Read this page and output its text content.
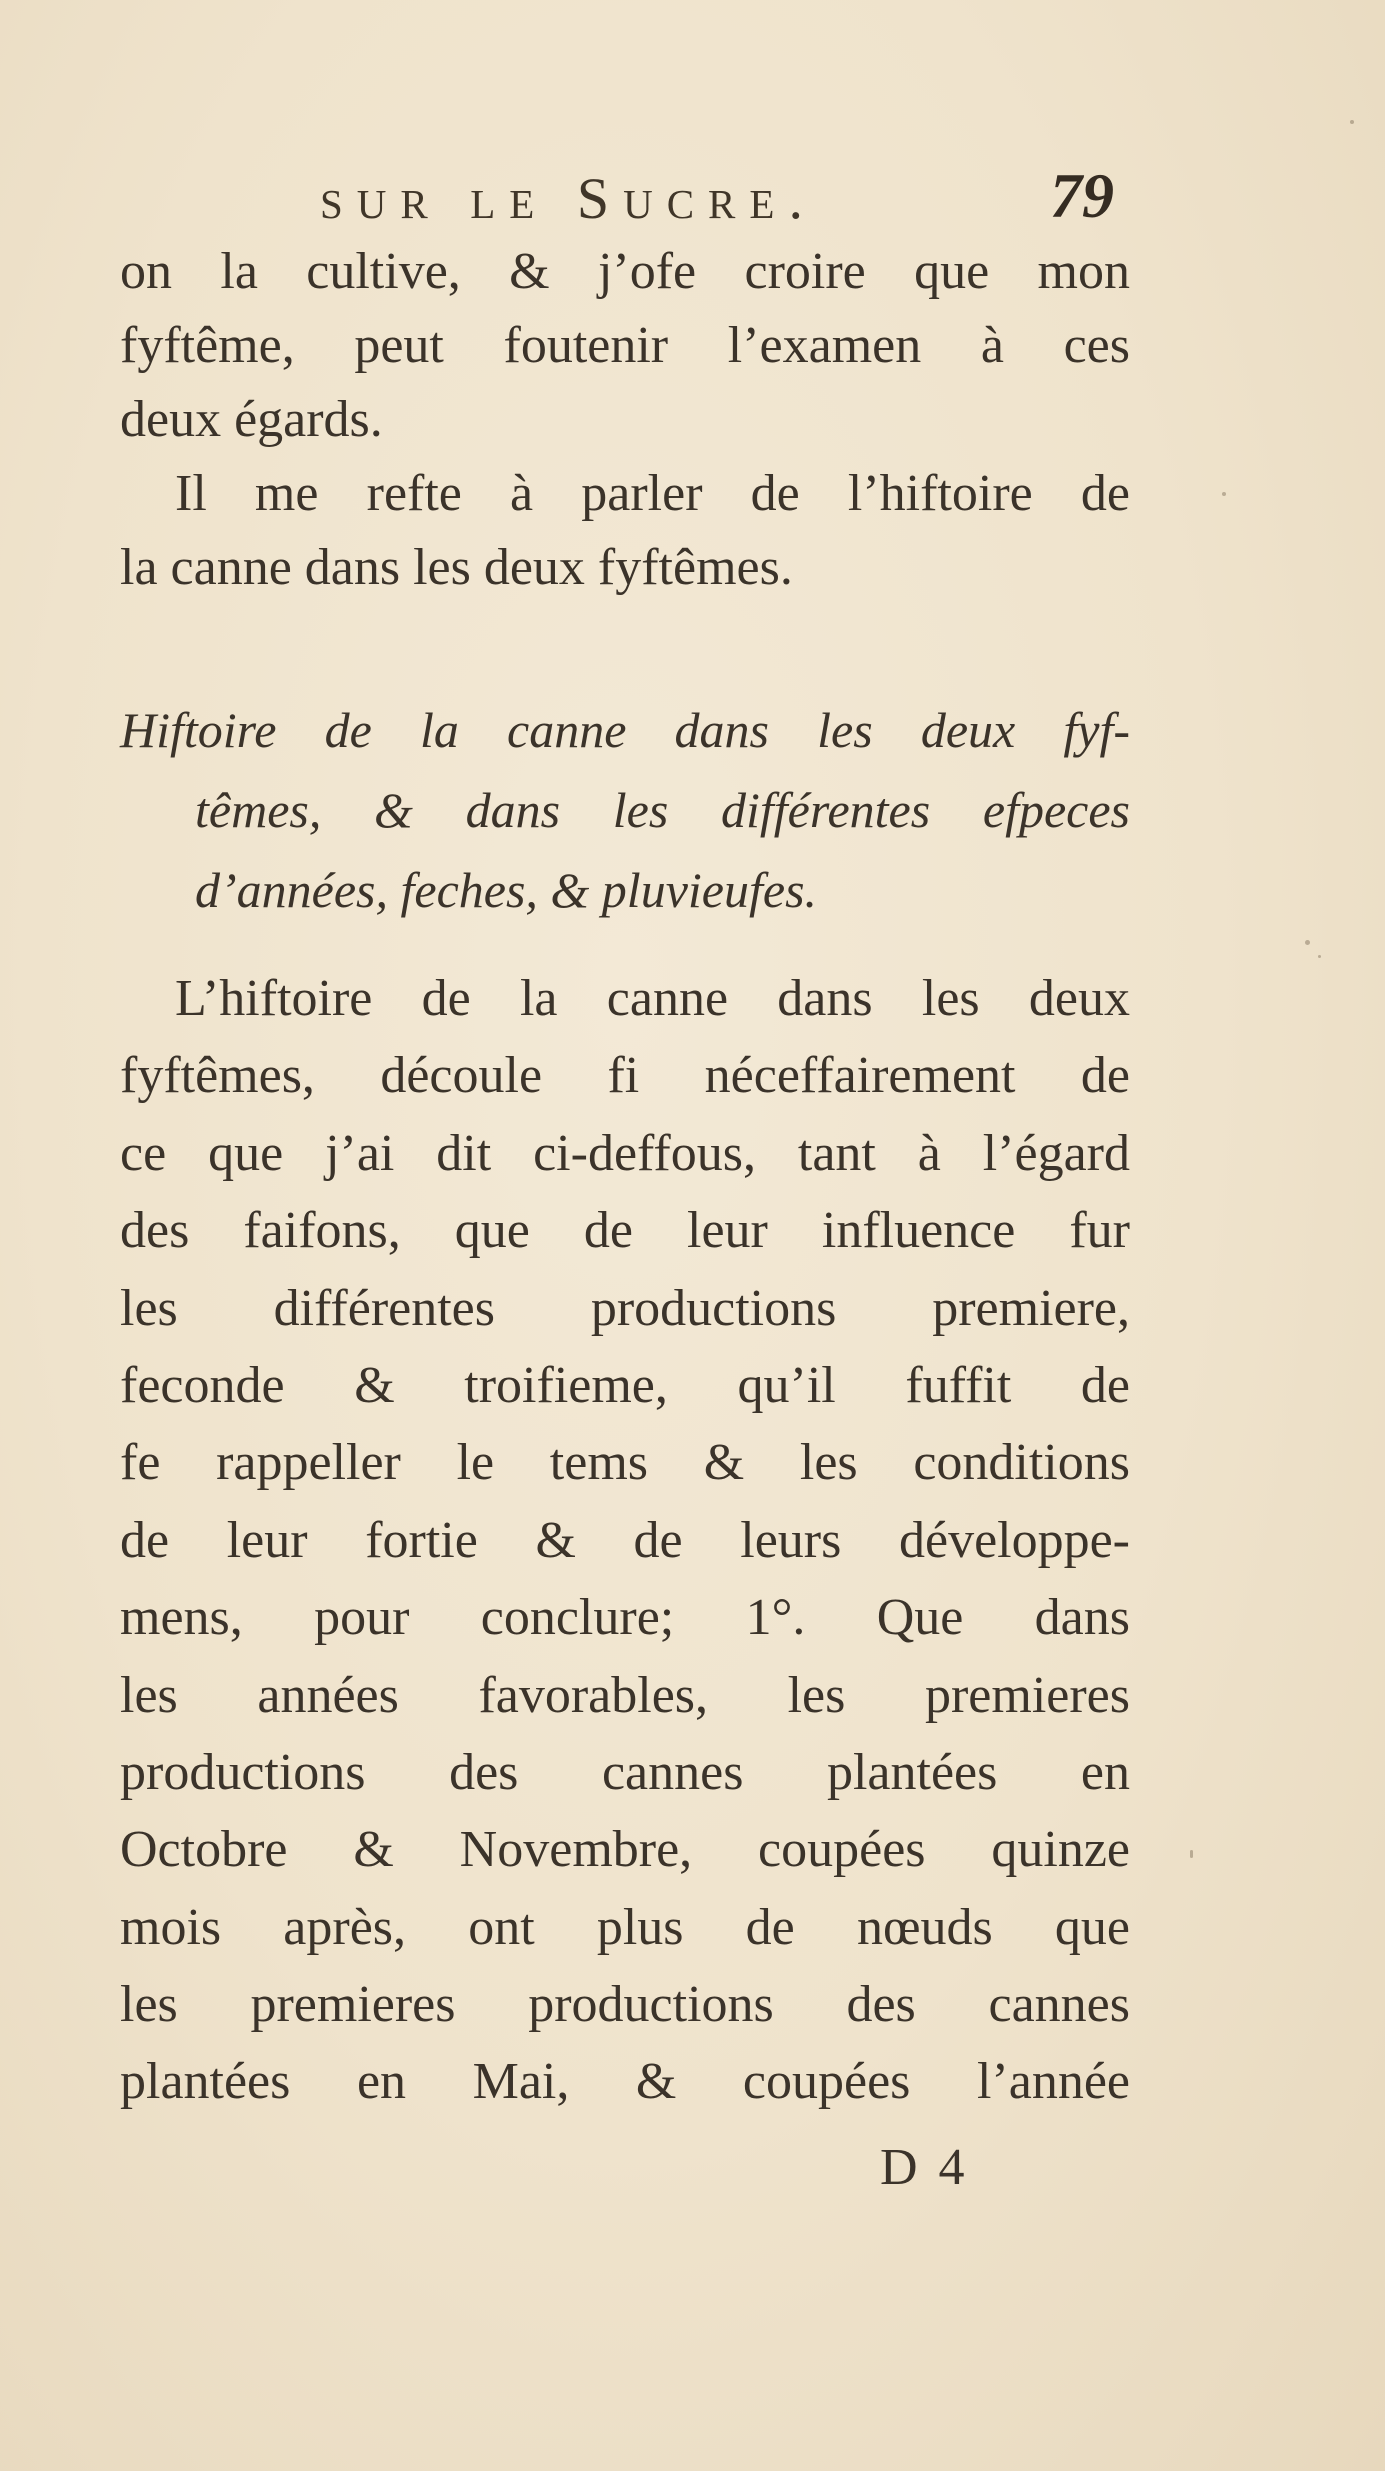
sur le Sucre.	79
on la cultive, & j’ofe croire que mon
fyftême, peut foutenir l’examen à ces
deux égards.
Il me refte à parler de l’hiftoire de
la canne dans les deux fyftêmes.
Hiftoire de la canne dans les deux fyf-
têmes, & dans les différentes efpeces
d’années, feches, & pluvieufes.
L’hiftoire de la canne dans les deux
fyftêmes, découle fi néceffairement de
ce que j’ai dit ci-deffous, tant à l’égard
des faifons, que de leur influence fur
les différentes productions premiere,
feconde & troifieme, qu’il fuffit de
fe rappeller le tems & les conditions
de leur fortie & de leurs développe-
mens, pour conclure; 1°. Que dans
les années favorables, les premieres
productions des cannes plantées en
Octobre & Novembre, coupées quinze
mois après, ont plus de nœuds que
les premieres productions des cannes
plantées en Mai, & coupées l’année
D 4
